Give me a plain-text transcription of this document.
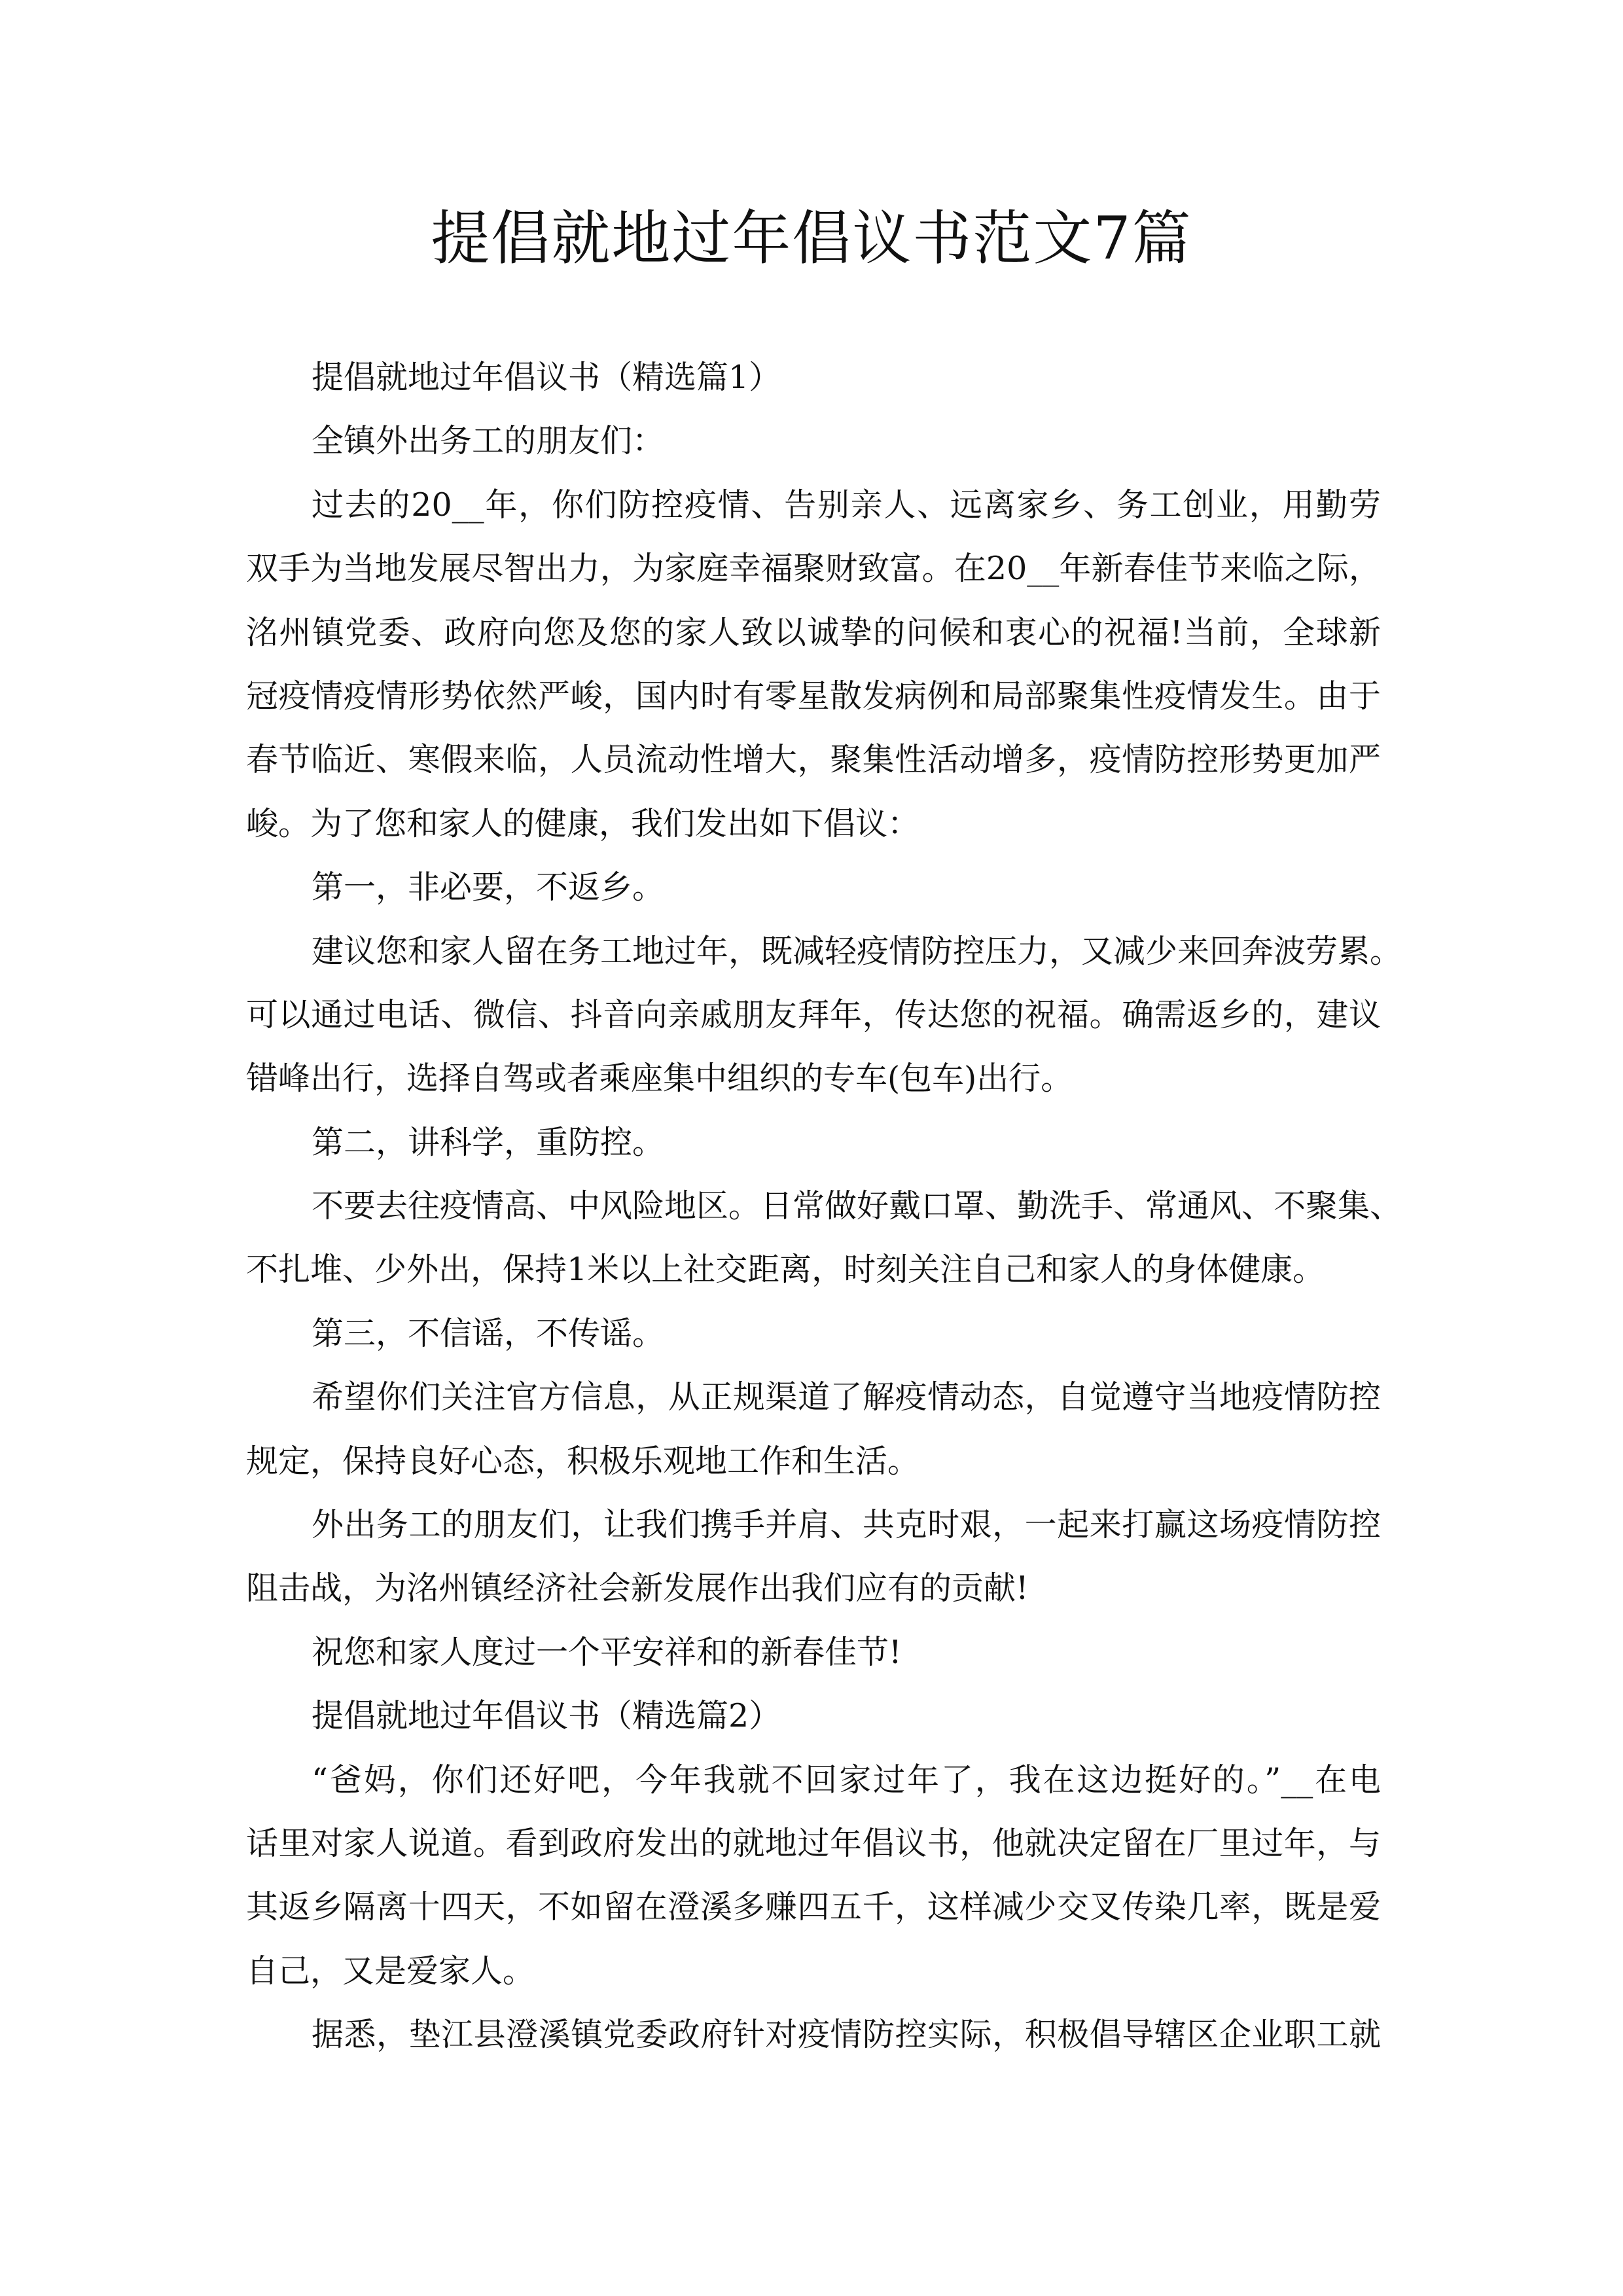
提倡就地过年倡议书范文7篇
提倡就地过年倡议书（精选篇1）
全镇外出务工的朋友们：
过去的20__年，你们防控疫情、告别亲人、远离家乡、务工创业，用勤劳
双手为当地发展尽智出力，为家庭幸福聚财致富。在20__年新春佳节来临之际，
洺州镇党委、政府向您及您的家人致以诚挚的问候和衷心的祝福!当前，全球新
冠疫情疫情形势依然严峻，国内时有零星散发病例和局部聚集性疫情发生。由于
春节临近、寒假来临，人员流动性增大，聚集性活动增多，疫情防控形势更加严
峻。为了您和家人的健康，我们发出如下倡议：
第一，非必要，不返乡。
建议您和家人留在务工地过年，既减轻疫情防控压力，又减少来回奔波劳累。
可以通过电话、微信、抖音向亲戚朋友拜年，传达您的祝福。确需返乡的，建议
错峰出行，选择自驾或者乘座集中组织的专车(包车)出行。
第二，讲科学，重防控。
不要去往疫情高、中风险地区。日常做好戴口罩、勤洗手、常通风、不聚集、
不扎堆、少外出，保持1米以上社交距离，时刻关注自己和家人的身体健康。
第三，不信谣，不传谣。
希望你们关注官方信息，从正规渠道了解疫情动态，自觉遵守当地疫情防控
规定，保持良好心态，积极乐观地工作和生活。
外出务工的朋友们，让我们携手并肩、共克时艰，一起来打赢这场疫情防控
阻击战，为洺州镇经济社会新发展作出我们应有的贡献!
祝您和家人度过一个平安祥和的新春佳节!
提倡就地过年倡议书（精选篇2）
“爸妈，你们还好吧，今年我就不回家过年了，我在这边挺好的。”__在电
话里对家人说道。看到政府发出的就地过年倡议书，他就决定留在厂里过年，与
其返乡隔离十四天，不如留在澄溪多赚四五千，这样减少交叉传染几率，既是爱
自己，又是爱家人。
据悉，垫江县澄溪镇党委政府针对疫情防控实际，积极倡导辖区企业职工就
